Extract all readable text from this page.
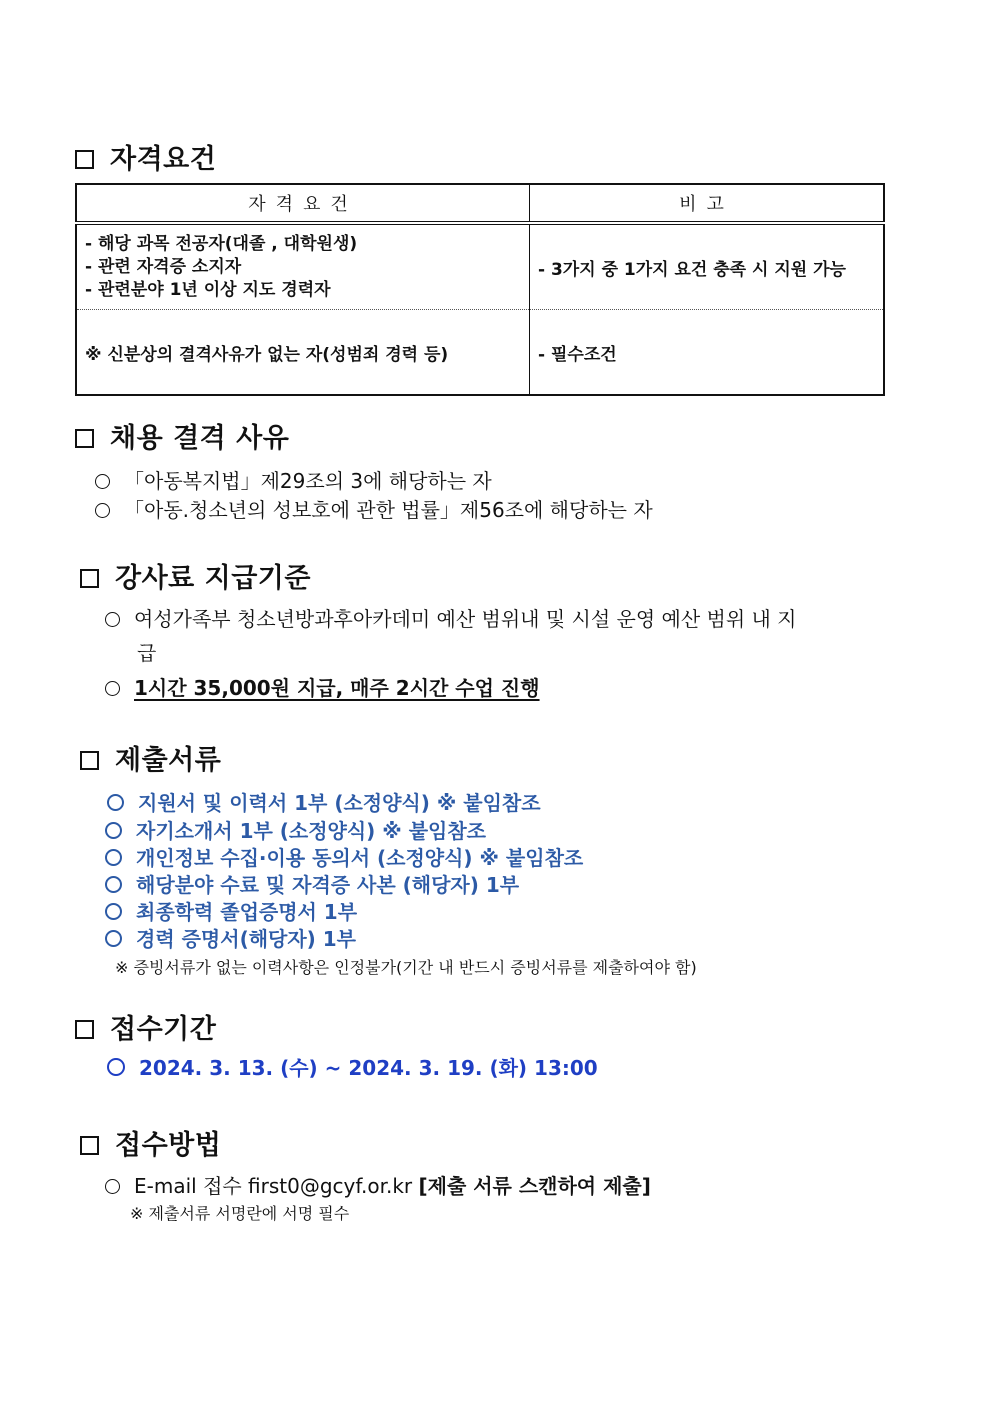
자격요건
자격요건	비고

- 해당 과목 전공자(대졸 , 대학원생)
- 관련 자격증 소지자
- 관련분야 1년 이상 지도 경력자	- 3가지 중 1가지 요건 충족 시 지원 가능
※ 신분상의 결격사유가 없는 자(성범죄 경력 등)	- 필수조건
채용 결격 사유
「아동복지법」제29조의 3에 해당하는 자
「아동.청소년의 성보호에 관한 법률」제56조에 해당하는 자
강사료 지급기준
여성가족부 청소년방과후아카데미 예산 범위내 및 시설 운영 예산 범위 내 지
급
1시간 35,000원 지급, 매주 2시간 수업 진행
제출서류
지원서 및 이력서 1부 (소정양식) ※ 붙임참조
자기소개서 1부 (소정양식) ※ 붙임참조
개인정보 수집·이용 동의서 (소정양식) ※ 붙임참조
해당분야 수료 및 자격증 사본 (해당자) 1부
최종학력 졸업증명서 1부
경력 증명서(해당자) 1부
※ 증빙서류가 없는 이력사항은 인정불가(기간 내 반드시 증빙서류를 제출하여야 함)
접수기간
2024. 3. 13. (수) ~ 2024. 3. 19. (화) 13:00
접수방법
E-mail 접수 first0@gcyf.or.kr [제출 서류 스캔하여 제출]
※ 제출서류 서명란에 서명 필수
